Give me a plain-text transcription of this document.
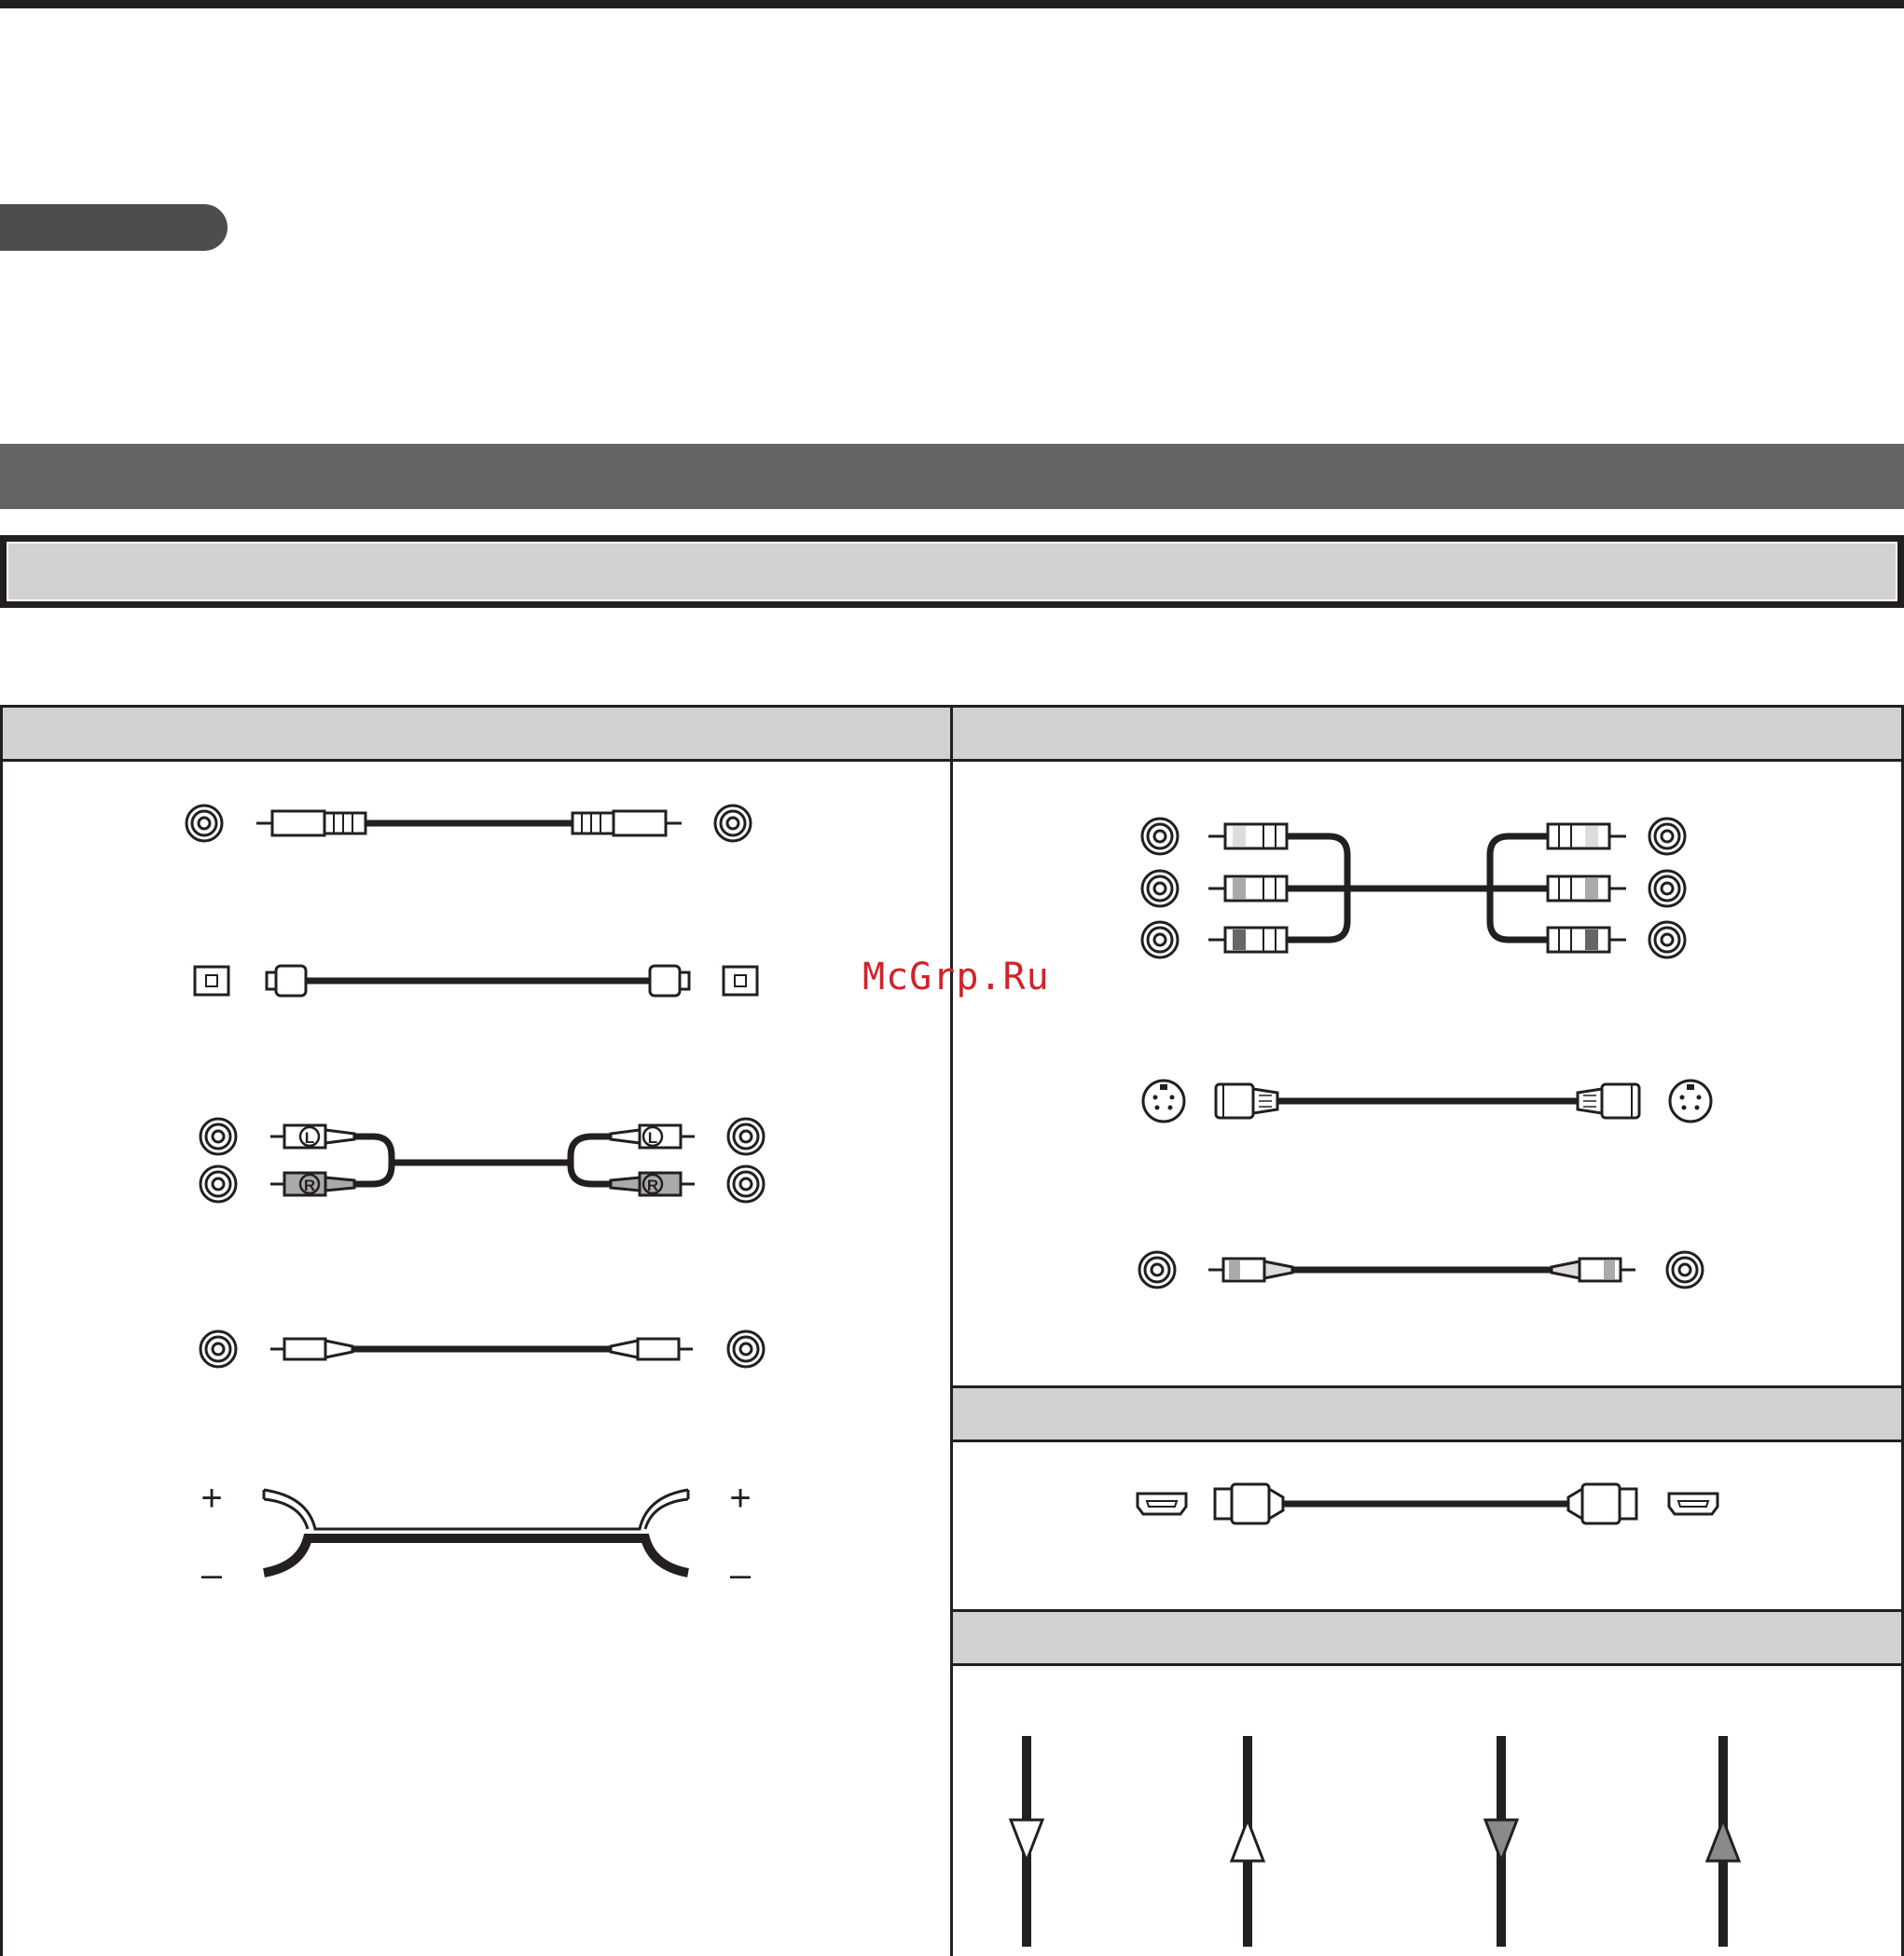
L
R
L
R
+
–
+
–
McGrp.Ru
